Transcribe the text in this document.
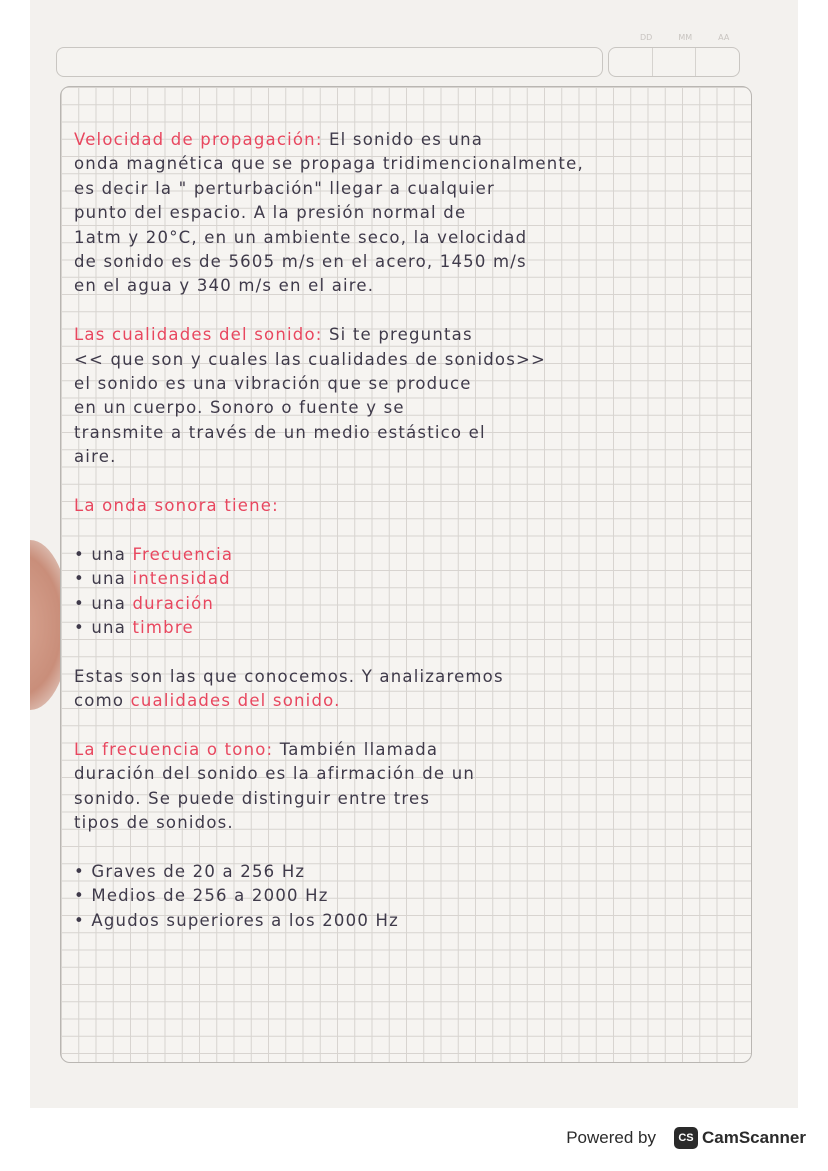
DD	MM	AA
Velocidad de propagación: El sonido es una
onda magnética que se propaga tridimencionalmente,
es decir la " perturbación" llegar a cualquier
punto del espacio. A la presión normal de
1atm y 20°C, en un ambiente seco, la velocidad
de sonido es de 5605 m/s en el acero, 1450 m/s
en el agua y 340 m/s en el aire.
Las cualidades del sonido: Si te preguntas
<< que son y cuales las cualidades de sonidos>>
el sonido es una vibración que se produce
en un cuerpo. Sonoro o fuente y se
transmite a través de un medio estástico el
aire.
La onda sonora tiene:
• una Frecuencia
• una intensidad
• una duración
• una timbre
Estas son las que conocemos. Y analizaremos
como cualidades del sonido.
La frecuencia o tono: También llamada
duración del sonido es la afirmación de un
sonido. Se puede distinguir entre tres
tipos de sonidos.
• Graves de 20 a 256 Hz
• Medios de 256 a 2000 Hz
• Agudos superiores a los 2000 Hz
Powered by	CS CamScanner
